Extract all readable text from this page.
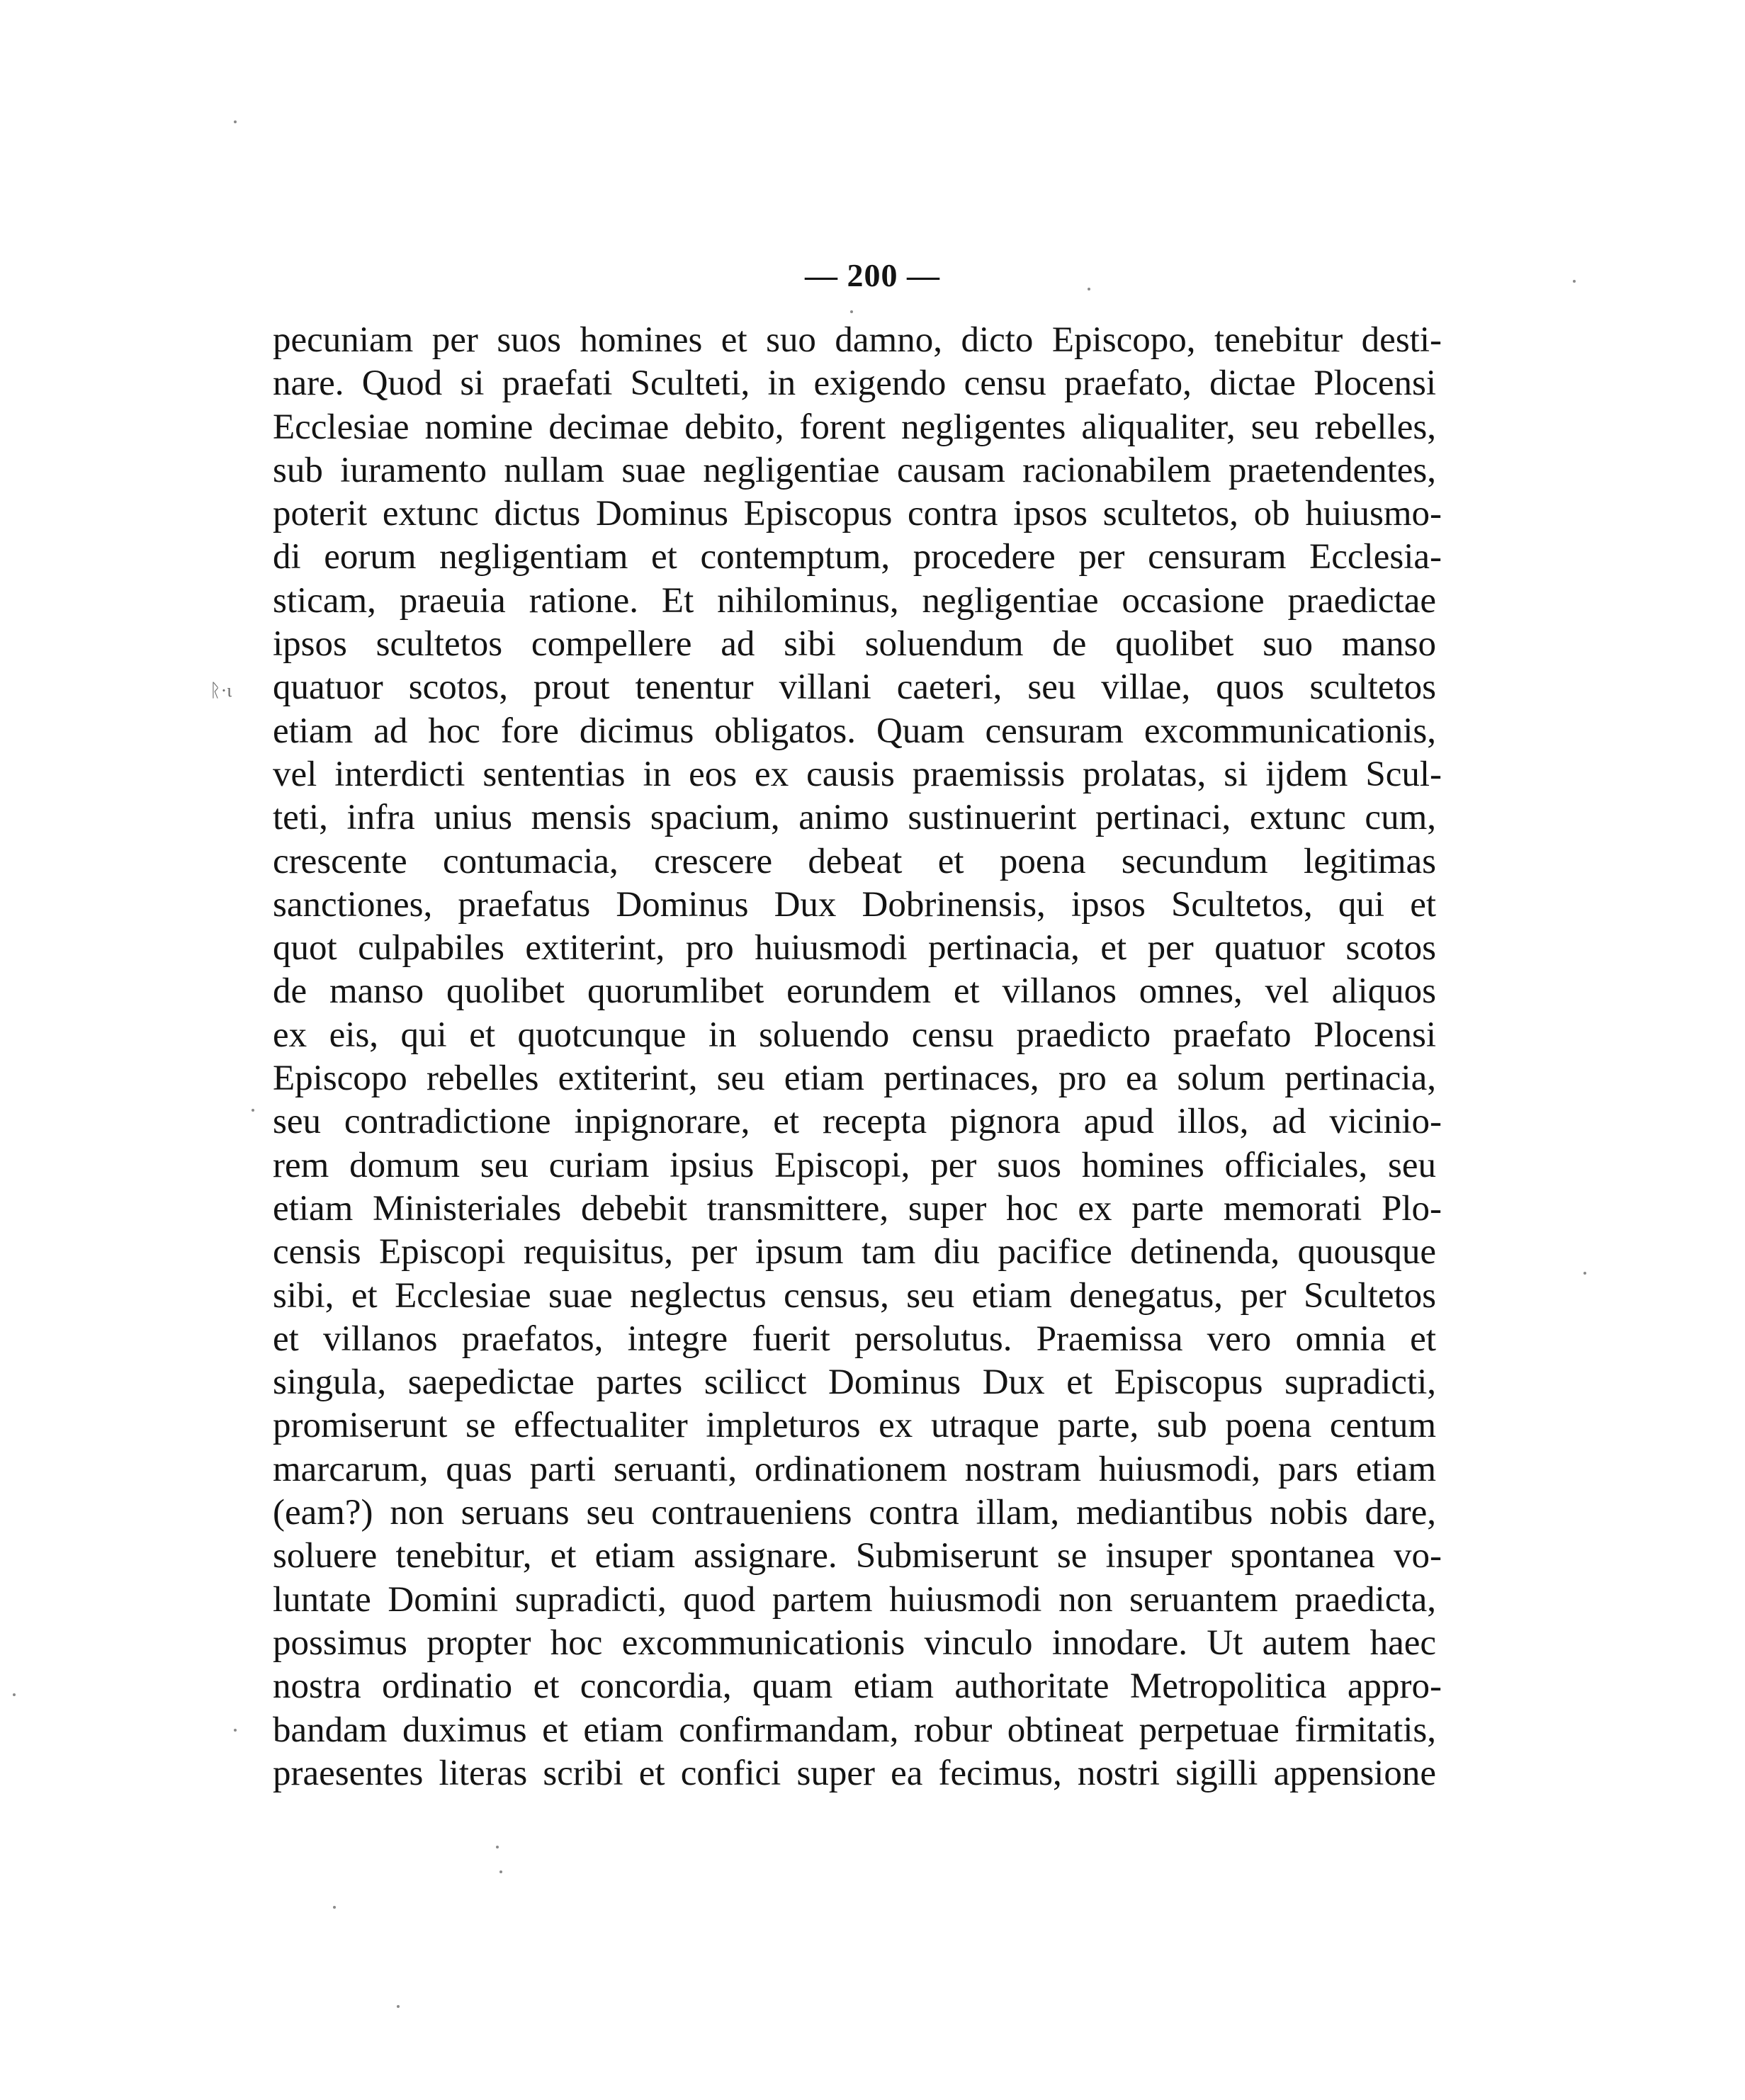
— 200 —
ᚱ·ι
pecuniam per suos homines et suo damno, dicto Episcopo, tenebitur desti-
nare. Quod si praefati Sculteti, in exigendo censu praefato, dictae Plocensi
Ecclesiae nomine decimae debito, forent negligentes aliqualiter, seu rebelles,
sub iuramento nullam suae negligentiae causam racionabilem praetendentes,
poterit extunc dictus Dominus Episcopus contra ipsos scultetos, ob huiusmo-
di eorum negligentiam et contemptum, procedere per censuram Ecclesia-
sticam, praeuia ratione. Et nihilominus, negligentiae occasione praedictae
ipsos scultetos compellere ad sibi soluendum de quolibet suo manso
quatuor scotos, prout tenentur villani caeteri, seu villae, quos scultetos
etiam ad hoc fore dicimus obligatos. Quam censuram excommunicationis,
vel interdicti sententias in eos ex causis praemissis prolatas, si ijdem Scul-
teti, infra unius mensis spacium, animo sustinuerint pertinaci, extunc cum,
crescente contumacia, crescere debeat et poena secundum legitimas
sanctiones, praefatus Dominus Dux Dobrinensis, ipsos Scultetos, qui et
quot culpabiles extiterint, pro huiusmodi pertinacia, et per quatuor scotos
de manso quolibet quorumlibet eorundem et villanos omnes, vel aliquos
ex eis, qui et quotcunque in soluendo censu praedicto praefato Plocensi
Episcopo rebelles extiterint, seu etiam pertinaces, pro ea solum pertinacia,
seu contradictione inpignorare, et recepta pignora apud illos, ad vicinio-
rem domum seu curiam ipsius Episcopi, per suos homines officiales, seu
etiam Ministeriales debebit transmittere, super hoc ex parte memorati Plo-
censis Episcopi requisitus, per ipsum tam diu pacifice detinenda, quousque
sibi, et Ecclesiae suae neglectus census, seu etiam denegatus, per Scultetos
et villanos praefatos, integre fuerit persolutus. Praemissa vero omnia et
singula, saepedictae partes scilicct Dominus Dux et Episcopus supradicti,
promiserunt se effectualiter impleturos ex utraque parte, sub poena centum
marcarum, quas parti seruanti, ordinationem nostram huiusmodi, pars etiam
(eam?) non seruans seu contraueniens contra illam, mediantibus nobis dare,
soluere tenebitur, et etiam assignare. Submiserunt se insuper spontanea vo-
luntate Domini supradicti, quod partem huiusmodi non seruantem praedicta,
possimus propter hoc excommunicationis vinculo innodare. Ut autem haec
nostra ordinatio et concordia, quam etiam authoritate Metropolitica appro-
bandam duximus et etiam confirmandam, robur obtineat perpetuae firmitatis,
praesentes literas scribi et confici super ea fecimus, nostri sigilli appensione
